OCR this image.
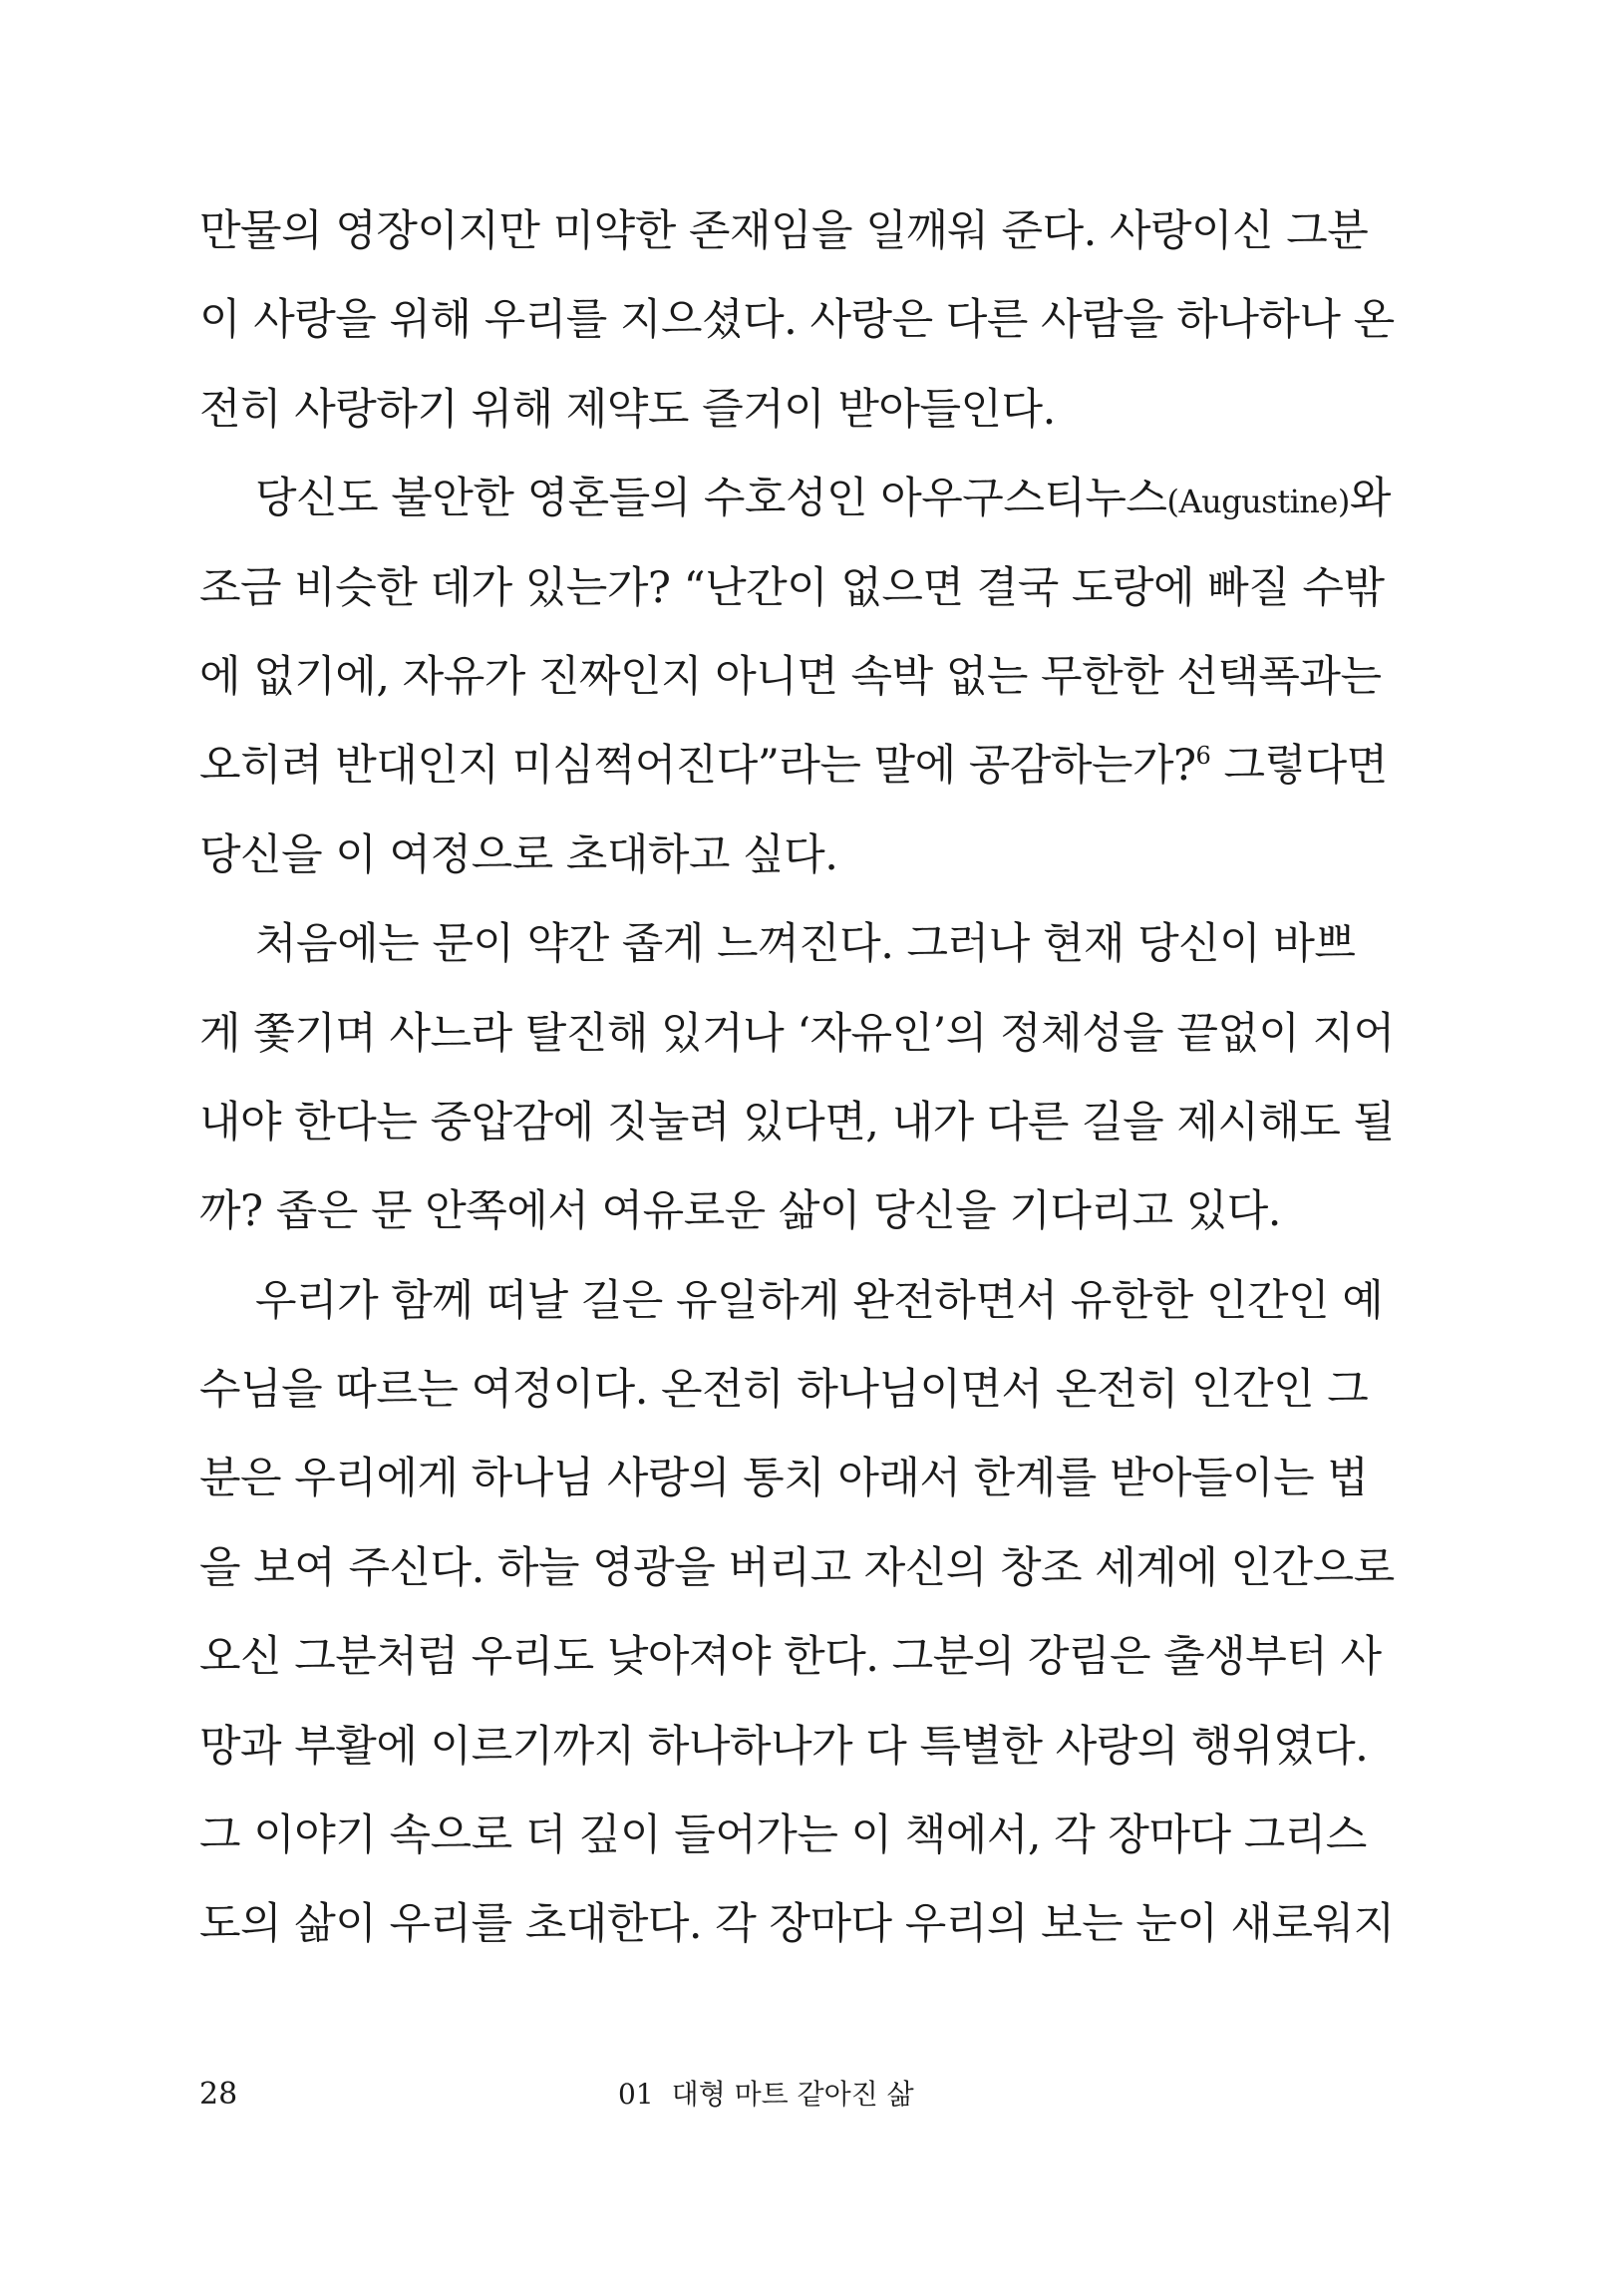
만물의 영장이지만 미약한 존재임을 일깨워 준다. 사랑이신 그분
이 사랑을 위해 우리를 지으셨다. 사랑은 다른 사람을 하나하나 온
전히 사랑하기 위해 제약도 즐거이 받아들인다.
당신도 불안한 영혼들의 수호성인 아우구스티누스(Augustine)와
조금 비슷한 데가 있는가? “난간이 없으면 결국 도랑에 빠질 수밖
에 없기에, 자유가 진짜인지 아니면 속박 없는 무한한 선택폭과는
오히려 반대인지 미심쩍어진다”라는 말에 공감하는가?$^6$ 그렇다면
당신을 이 여정으로 초대하고 싶다.
처음에는 문이 약간 좁게 느껴진다. 그러나 현재 당신이 바쁘
게 쫓기며 사느라 탈진해 있거나 ‘자유인’의 정체성을 끝없이 지어
내야 한다는 중압감에 짓눌려 있다면, 내가 다른 길을 제시해도 될
까? 좁은 문 안쪽에서 여유로운 삶이 당신을 기다리고 있다.
우리가 함께 떠날 길은 유일하게 완전하면서 유한한 인간인 예
수님을 따르는 여정이다. 온전히 하나님이면서 온전히 인간인 그
분은 우리에게 하나님 사랑의 통치 아래서 한계를 받아들이는 법
을 보여 주신다. 하늘 영광을 버리고 자신의 창조 세계에 인간으로
오신 그분처럼 우리도 낮아져야 한다. 그분의 강림은 출생부터 사
망과 부활에 이르기까지 하나하나가 다 특별한 사랑의 행위였다.
그 이야기 속으로 더 깊이 들어가는 이 책에서, 각 장마다 그리스
도의 삶이 우리를 초대한다. 각 장마다 우리의 보는 눈이 새로워지
28	01 대형 마트 같아진 삶
